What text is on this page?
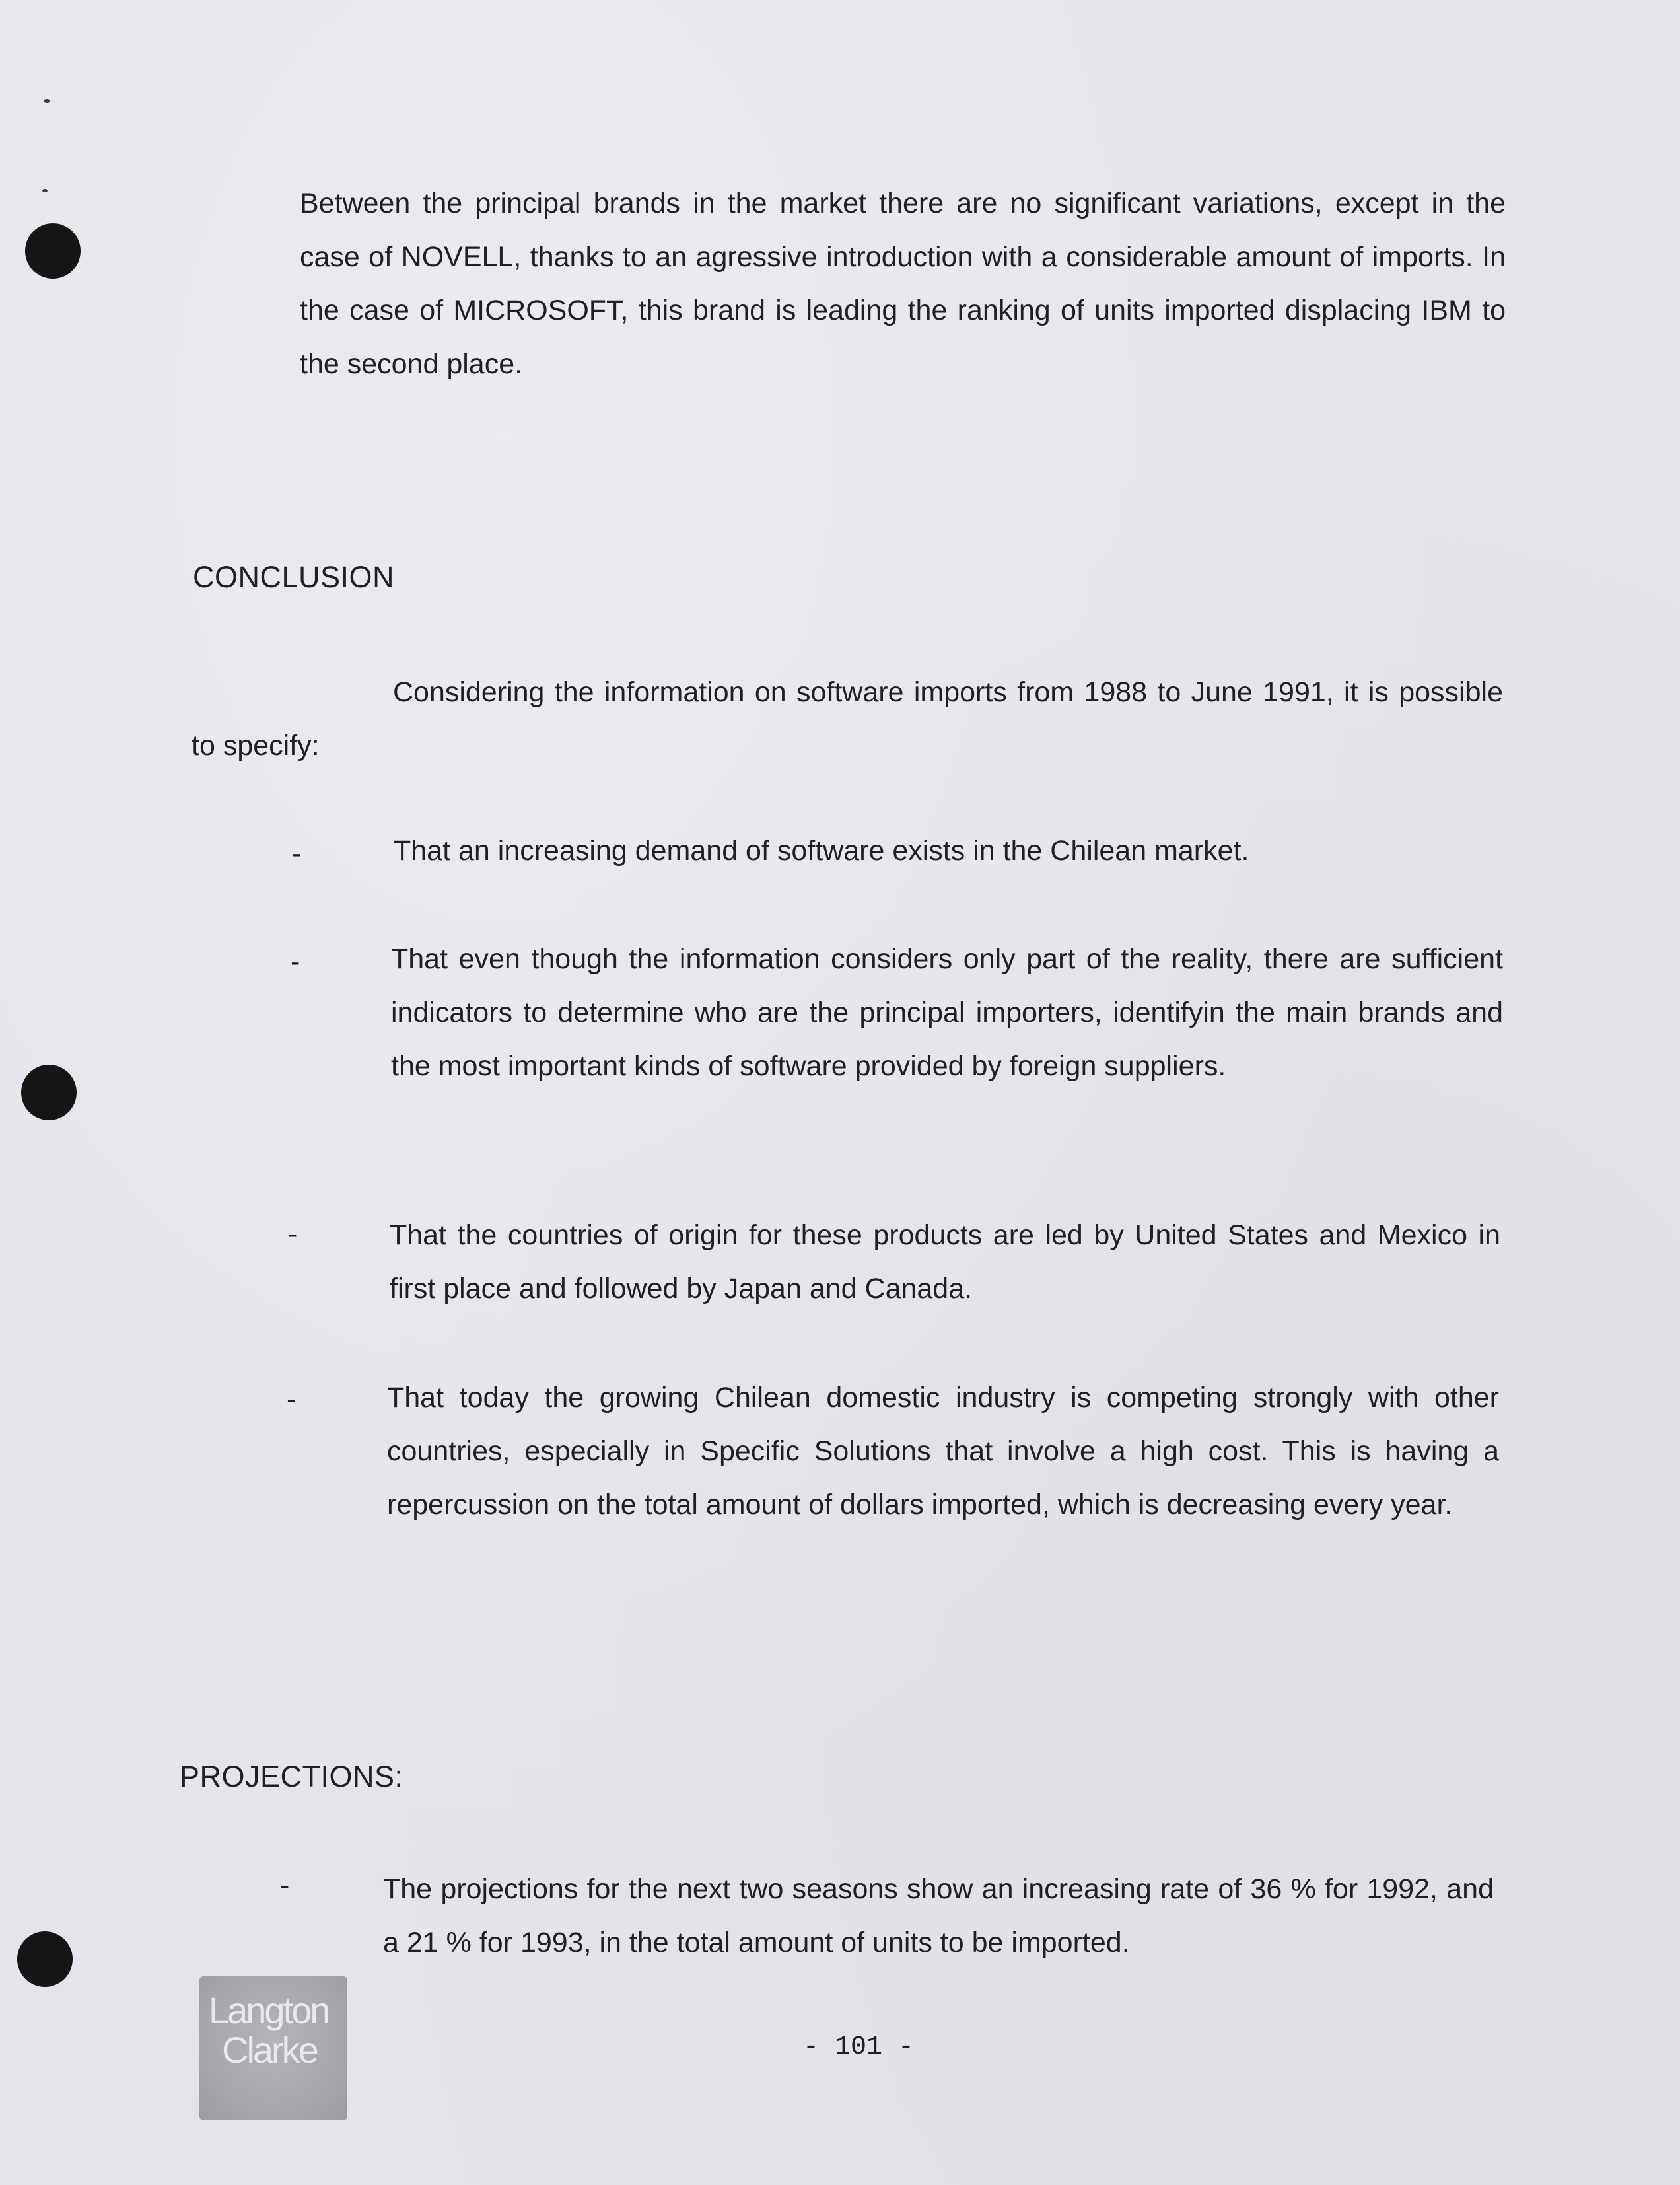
Between the principal brands in the market there are no significant variations, except in the case of NOVELL, thanks to an agressive introduction with a considerable amount of imports. In the case of MICROSOFT, this brand is leading the ranking of units imported displacing IBM to the second place.

CONCLUSION

Considering the information on software imports from 1988 to June 1991, it is possible to specify:

-	That an increasing demand of software exists in the Chilean market.

-	That even though the information considers only part of the reality, there are sufficient indicators to determine who are the principal importers, identifyin the main brands and the most important kinds of software provided by foreign suppliers.

-	That the countries of origin for these products are led by United States and Mexico in first place and followed by Japan and Canada.

-	That today the growing Chilean domestic industry is competing strongly with other countries, especially in Specific Solutions that involve a high cost. This is having a repercussion on the total amount of dollars imported, which is decreasing every year.

PROJECTIONS:
-	The projections for the next two seasons show an increasing rate of 36 % for 1992, and a 21 % for 1993, in the total amount of units to be imported.

Langton
Clarke	- 101 -
